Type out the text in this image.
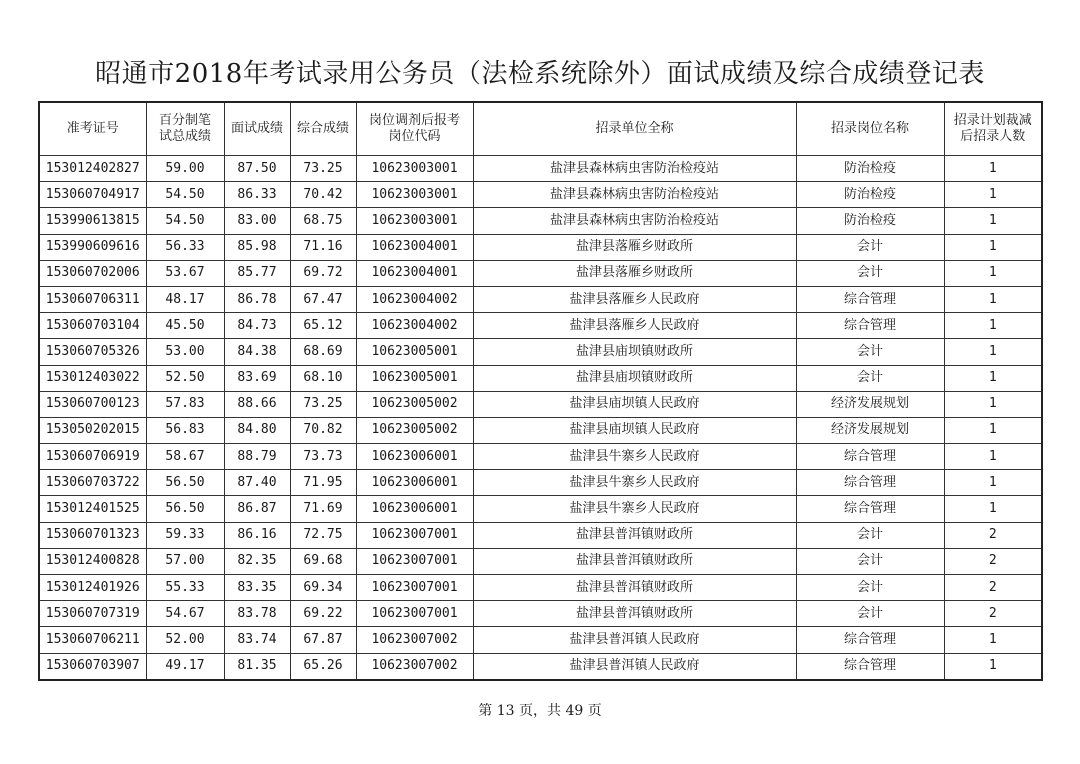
昭通市2018年考试录用公务员（法检系统除外）面试成绩及综合成绩登记表
准考证号	百分制笔试总成绩	面试成绩	综合成绩	岗位调剂后报考岗位代码	招录单位全称	招录岗位名称	招录计划裁减后招录人数
153012402827	59.00	87.50	73.25	10623003001	盐津县森林病虫害防治检疫站	防治检疫	1
153060704917	54.50	86.33	70.42	10623003001	盐津县森林病虫害防治检疫站	防治检疫	1
153990613815	54.50	83.00	68.75	10623003001	盐津县森林病虫害防治检疫站	防治检疫	1
153990609616	56.33	85.98	71.16	10623004001	盐津县落雁乡财政所	会计	1
153060702006	53.67	85.77	69.72	10623004001	盐津县落雁乡财政所	会计	1
153060706311	48.17	86.78	67.47	10623004002	盐津县落雁乡人民政府	综合管理	1
153060703104	45.50	84.73	65.12	10623004002	盐津县落雁乡人民政府	综合管理	1
153060705326	53.00	84.38	68.69	10623005001	盐津县庙坝镇财政所	会计	1
153012403022	52.50	83.69	68.10	10623005001	盐津县庙坝镇财政所	会计	1
153060700123	57.83	88.66	73.25	10623005002	盐津县庙坝镇人民政府	经济发展规划	1
153050202015	56.83	84.80	70.82	10623005002	盐津县庙坝镇人民政府	经济发展规划	1
153060706919	58.67	88.79	73.73	10623006001	盐津县牛寨乡人民政府	综合管理	1
153060703722	56.50	87.40	71.95	10623006001	盐津县牛寨乡人民政府	综合管理	1
153012401525	56.50	86.87	71.69	10623006001	盐津县牛寨乡人民政府	综合管理	1
153060701323	59.33	86.16	72.75	10623007001	盐津县普洱镇财政所	会计	2
153012400828	57.00	82.35	69.68	10623007001	盐津县普洱镇财政所	会计	2
153012401926	55.33	83.35	69.34	10623007001	盐津县普洱镇财政所	会计	2
153060707319	54.67	83.78	69.22	10623007001	盐津县普洱镇财政所	会计	2
153060706211	52.00	83.74	67.87	10623007002	盐津县普洱镇人民政府	综合管理	1
153060703907	49.17	81.35	65.26	10623007002	盐津县普洱镇人民政府	综合管理	1
第 13 页，共 49 页
